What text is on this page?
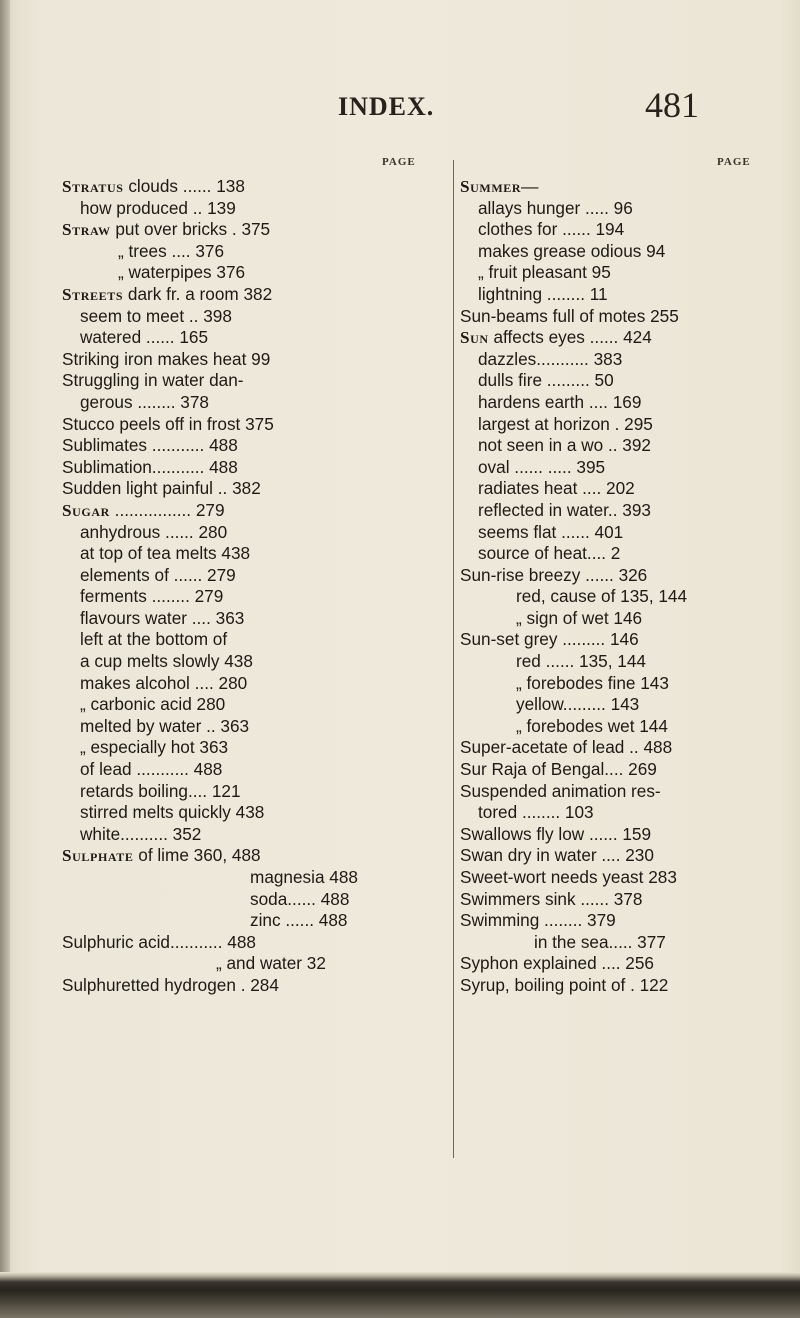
INDEX.	481
PAGE	PAGE
Stratus clouds ...... 138
how produced .. 139
Straw put over bricks . 375
„ trees .... 376
„ waterpipes 376
Streets dark fr. a room 382
seem to meet .. 398
watered ...... 165
Striking iron makes heat 99
Struggling in water dan-
gerous ........ 378
Stucco peels off in frost 375
Sublimates ........... 488
Sublimation........... 488
Sudden light painful .. 382
Sugar ................ 279
anhydrous ...... 280
at top of tea melts 438
elements of ...... 279
ferments ........ 279
flavours water .... 363
left at the bottom of
a cup melts slowly 438
makes alcohol .... 280
„ carbonic acid 280
melted by water .. 363
„ especially hot 363
of lead ........... 488
retards boiling.... 121
stirred melts quickly 438
white.......... 352
Sulphate of lime 360, 488
magnesia 488
soda...... 488
zinc ...... 488
Sulphuric acid........... 488
„ and water 32
Sulphuretted hydrogen . 284
Summer—
allays hunger ..... 96
clothes for ...... 194
makes grease odious 94
„ fruit pleasant 95
lightning ........ 11
Sun-beams full of motes 255
Sun affects eyes ...... 424
dazzles........... 383
dulls fire ......... 50
hardens earth .... 169
largest at horizon . 295
not seen in a wo .. 392
oval ...... ..... 395
radiates heat .... 202
reflected in water.. 393
seems flat ...... 401
source of heat.... 2
Sun-rise breezy ...... 326
red, cause of 135, 144
„ sign of wet 146
Sun-set grey ......... 146
red ...... 135, 144
„ forebodes fine 143
yellow......... 143
„ forebodes wet 144
Super-acetate of lead .. 488
Sur Raja of Bengal.... 269
Suspended animation res-
tored ........ 103
Swallows fly low ...... 159
Swan dry in water .... 230
Sweet-wort needs yeast 283
Swimmers sink ...... 378
Swimming ........ 379
in the sea..... 377
Syphon explained .... 256
Syrup, boiling point of . 122
